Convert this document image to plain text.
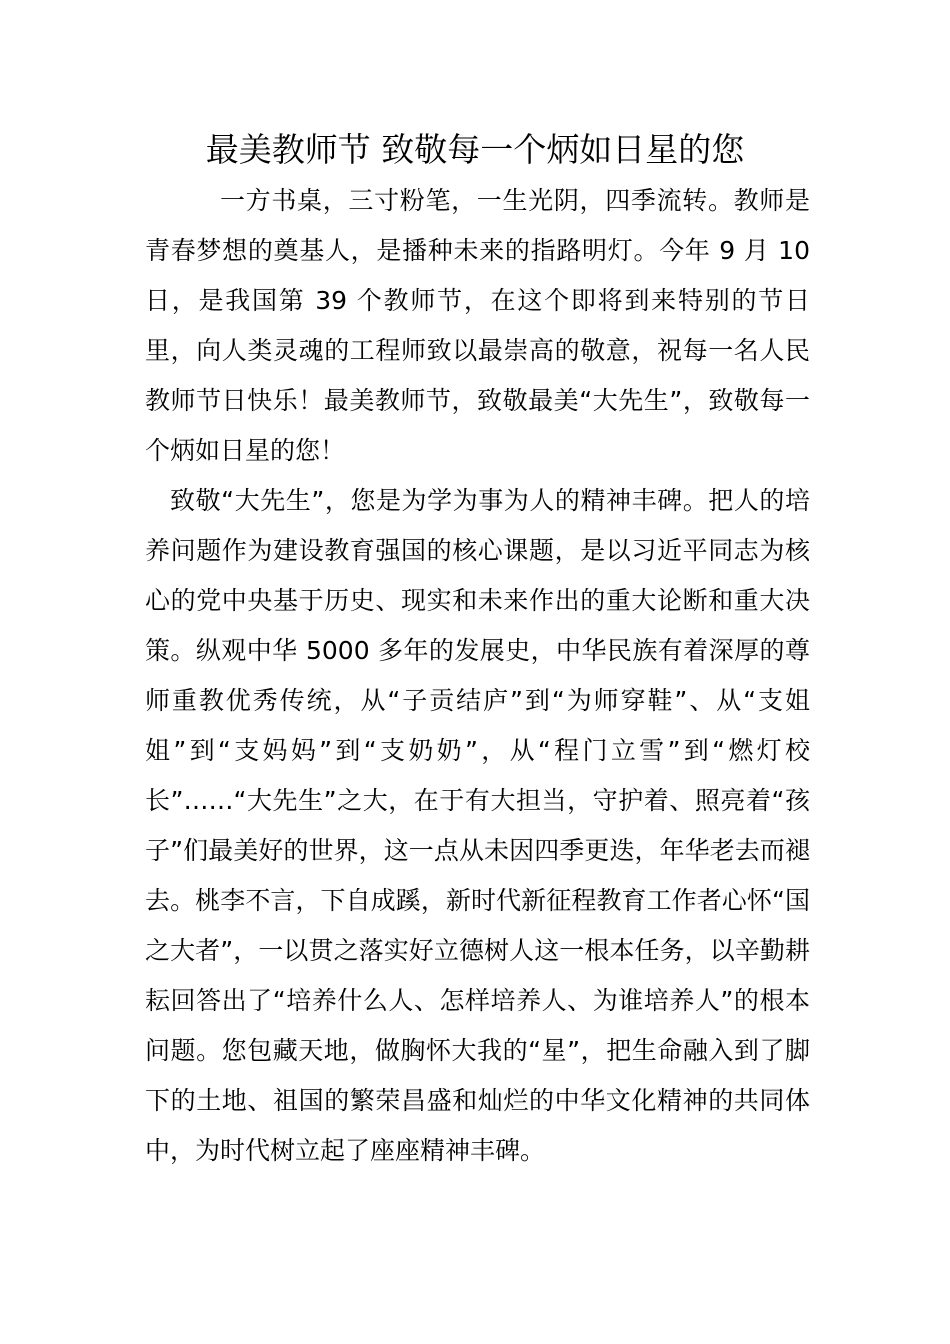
最美教师节 致敬每一个炳如日星的您

一方书桌，三寸粉笔，一生光阴，四季流转。教师是青春梦想的奠基人，是播种未来的指路明灯。今年 9 月 10 日，是我国第 39 个教师节，在这个即将到来特别的节日里，向人类灵魂的工程师致以最崇高的敬意，祝每一名人民教师节日快乐！最美教师节，致敬最美“大先生”，致敬每一个炳如日星的您！

致敬“大先生”，您是为学为事为人的精神丰碑。把人的培养问题作为建设教育强国的核心课题，是以习近平同志为核心的党中央基于历史、现实和未来作出的重大论断和重大决策。纵观中华 5000 多年的发展史，中华民族有着深厚的尊师重教优秀传统，从“子贡结庐”到“为师穿鞋”、从“支姐姐”到“支妈妈”到“支奶奶”，从“程门立雪”到“燃灯校长”……“大先生”之大，在于有大担当，守护着、照亮着“孩子”们最美好的世界，这一点从未因四季更迭，年华老去而褪去。桃李不言，下自成蹊，新时代新征程教育工作者心怀“国之大者”，一以贯之落实好立德树人这一根本任务，以辛勤耕耘回答出了“培养什么人、怎样培养人、为谁培养人”的根本问题。您包藏天地，做胸怀大我的“星”，把生命融入到了脚下的土地、祖国的繁荣昌盛和灿烂的中华文化精神的共同体中，为时代树立起了座座精神丰碑。
